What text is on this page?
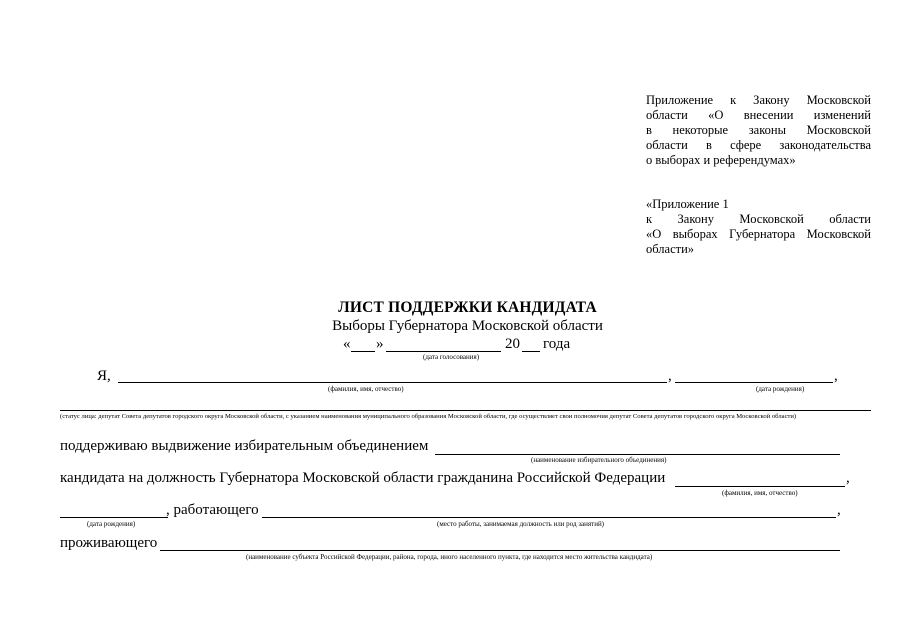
Приложение к Закону Московской
области «О внесении изменений
в некоторые законы Московской
области в сфере законодательства
о выборах и референдумах»
«Приложение 1
к Закону Московской области
«О выборах Губернатора Московской
области»
ЛИСТ ПОДДЕРЖКИ КАНДИДАТА
Выборы Губернатора Московской области
« »	20 года
(дата голосования)
Я,	,	,
(фамилия, имя, отчество)	(дата рождения)
(статус лица: депутат Совета депутатов городского округа Московской области, с указанием наименования муниципального образования Московской области, где осуществляет свои полномочия депутат Совета депутатов городского округа Московской области)
поддерживаю выдвижение избирательным объединением
(наименование избирательного объединения)
кандидата на должность Губернатора Московской области гражданина Российской Федерации	,
(фамилия, имя, отчество)
, работающего	,
(дата рождения)	(место работы, занимаемая должность или род занятий)
проживающего
(наименование субъекта Российской Федерации, района, города, иного населенного пункта, где находится место жительства кандидата)
